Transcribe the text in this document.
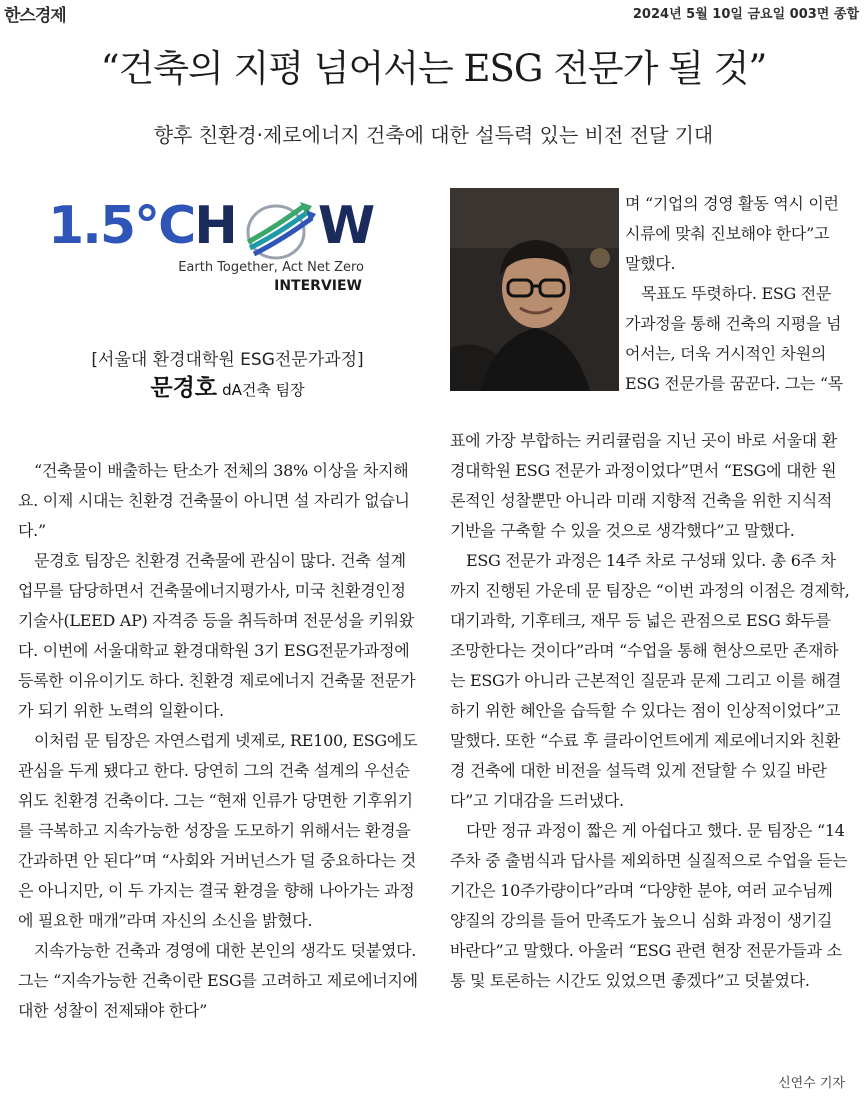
한스경제	2024년 5월 10일 금요일 003면 종합
“건축의 지평 넘어서는 ESG 전문가 될 것”
향후 친환경·제로에너지 건축에 대한 설득력 있는 비전 전달 기대
1.5°CH W
Earth Together, Act Net Zero
INTERVIEW
[서울대 환경대학원 ESG전문가과정]
문경호 dA건축 팀장

며 “기업의 경영 활동 역시 이런 시류에 맞춰 진보해야 한다”고 말했다.

목표도 뚜렷하다. ESG 전문가과정을 통해 건축의 지평을 넘어서는, 더욱 거시적인 차원의 ESG 전문가를 꿈꾼다. 그는 “목

“건축물이 배출하는 탄소가 전체의 38% 이상을 차지해요. 이제 시대는 친환경 건축물이 아니면 설 자리가 없습니다.”

문경호 팀장은 친환경 건축물에 관심이 많다. 건축 설계 업무를 담당하면서 건축물에너지평가사, 미국 친환경인정기술사(LEED AP) 자격증 등을 취득하며 전문성을 키워왔다. 이번에 서울대학교 환경대학원 3기 ESG전문가과정에 등록한 이유이기도 하다. 친환경 제로에너지 건축물 전문가가 되기 위한 노력의 일환이다.

이처럼 문 팀장은 자연스럽게 넷제로, RE100, ESG에도 관심을 두게 됐다고 한다. 당연히 그의 건축 설계의 우선순위도 친환경 건축이다. 그는 “현재 인류가 당면한 기후위기를 극복하고 지속가능한 성장을 도모하기 위해서는 환경을 간과하면 안 된다”며 “사회와 거버넌스가 덜 중요하다는 것은 아니지만, 이 두 가지는 결국 환경을 향해 나아가는 과정에 필요한 매개”라며 자신의 소신을 밝혔다.

지속가능한 건축과 경영에 대한 본인의 생각도 덧붙였다. 그는 “지속가능한 건축이란 ESG를 고려하고 제로에너지에 대한 성찰이 전제돼야 한다”

표에 가장 부합하는 커리큘럼을 지닌 곳이 바로 서울대 환경대학원 ESG 전문가 과정이었다”면서 “ESG에 대한 원론적인 성찰뿐만 아니라 미래 지향적 건축을 위한 지식적 기반을 구축할 수 있을 것으로 생각했다”고 말했다.

ESG 전문가 과정은 14주 차로 구성돼 있다. 총 6주 차까지 진행된 가운데 문 팀장은 “이번 과정의 이점은 경제학, 대기과학, 기후테크, 재무 등 넓은 관점으로 ESG 화두를 조망한다는 것이다”라며 “수업을 통해 현상으로만 존재하는 ESG가 아니라 근본적인 질문과 문제 그리고 이를 해결하기 위한 혜안을 습득할 수 있다는 점이 인상적이었다”고 말했다. 또한 “수료 후 클라이언트에게 제로에너지와 친환경 건축에 대한 비전을 설득력 있게 전달할 수 있길 바란다”고 기대감을 드러냈다.

다만 정규 과정이 짧은 게 아쉽다고 했다. 문 팀장은 “14주차 중 출범식과 답사를 제외하면 실질적으로 수업을 듣는 기간은 10주가량이다”라며 “다양한 분야, 여러 교수님께 양질의 강의를 들어 만족도가 높으니 심화 과정이 생기길 바란다”고 말했다. 아울러 “ESG 관련 현장 전문가들과 소통 및 토론하는 시간도 있었으면 좋겠다”고 덧붙였다.

신연수 기자
